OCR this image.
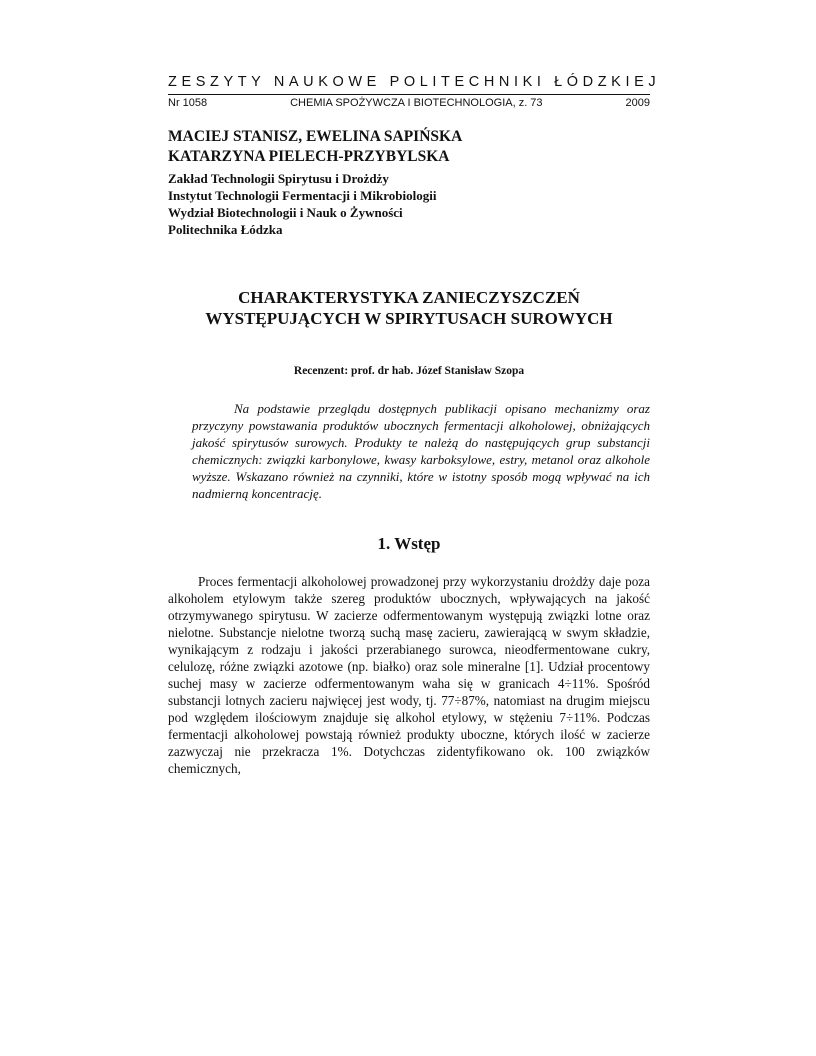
ZESZYTY NAUKOWE POLITECHNIKI ŁÓDZKIEJ
Nr 1058	CHEMIA SPOŻYWCZA I BIOTECHNOLOGIA, z. 73	2009
MACIEJ STANISZ, EWELINA SAPIŃSKA
KATARZYNA PIELECH-PRZYBYLSKA
Zakład Technologii Spirytusu i Drożdży
Instytut Technologii Fermentacji i Mikrobiologii
Wydział Biotechnologii i Nauk o Żywności
Politechnika Łódzka
CHARAKTERYSTYKA ZANIECZYSZCZEŃ
WYSTĘPUJĄCYCH W SPIRYTUSACH SUROWYCH
Recenzent: prof. dr hab. Józef Stanisław Szopa

Na podstawie przeglądu dostępnych publikacji opisano mechanizmy oraz przyczyny powstawania produktów ubocznych fermentacji alkoholowej, obniżających jakość spirytusów surowych. Produkty te należą do następujących grup substancji chemicznych: związki karbonylowe, kwasy karboksylowe, estry, metanol oraz alkohole wyższe. Wskazano również na czynniki, które w istotny sposób mogą wpływać na ich nadmierną koncentrację.

1. Wstęp

Proces fermentacji alkoholowej prowadzonej przy wykorzystaniu drożdży daje poza alkoholem etylowym także szereg produktów ubocznych, wpływających na jakość otrzymywanego spirytusu. W zacierze odfermentowanym występują związki lotne oraz nielotne. Substancje nielotne tworzą suchą masę zacieru, zawierającą w swym składzie, wynikającym z rodzaju i jakości przerabianego surowca, nieodfermentowane cukry, celulozę, różne związki azotowe (np. białko) oraz sole mineralne [1]. Udział procentowy suchej masy w zacierze odfermentowanym waha się w granicach 4÷11%. Spośród substancji lotnych zacieru najwięcej jest wody, tj. 77÷87%, natomiast na drugim miejscu pod względem ilościowym znajduje się alkohol etylowy, w stężeniu 7÷11%. Podczas fermentacji alkoholowej powstają również produkty uboczne, których ilość w zacierze zazwyczaj nie przekracza 1%. Dotychczas zidentyfikowano ok. 100 związków chemicznych,
